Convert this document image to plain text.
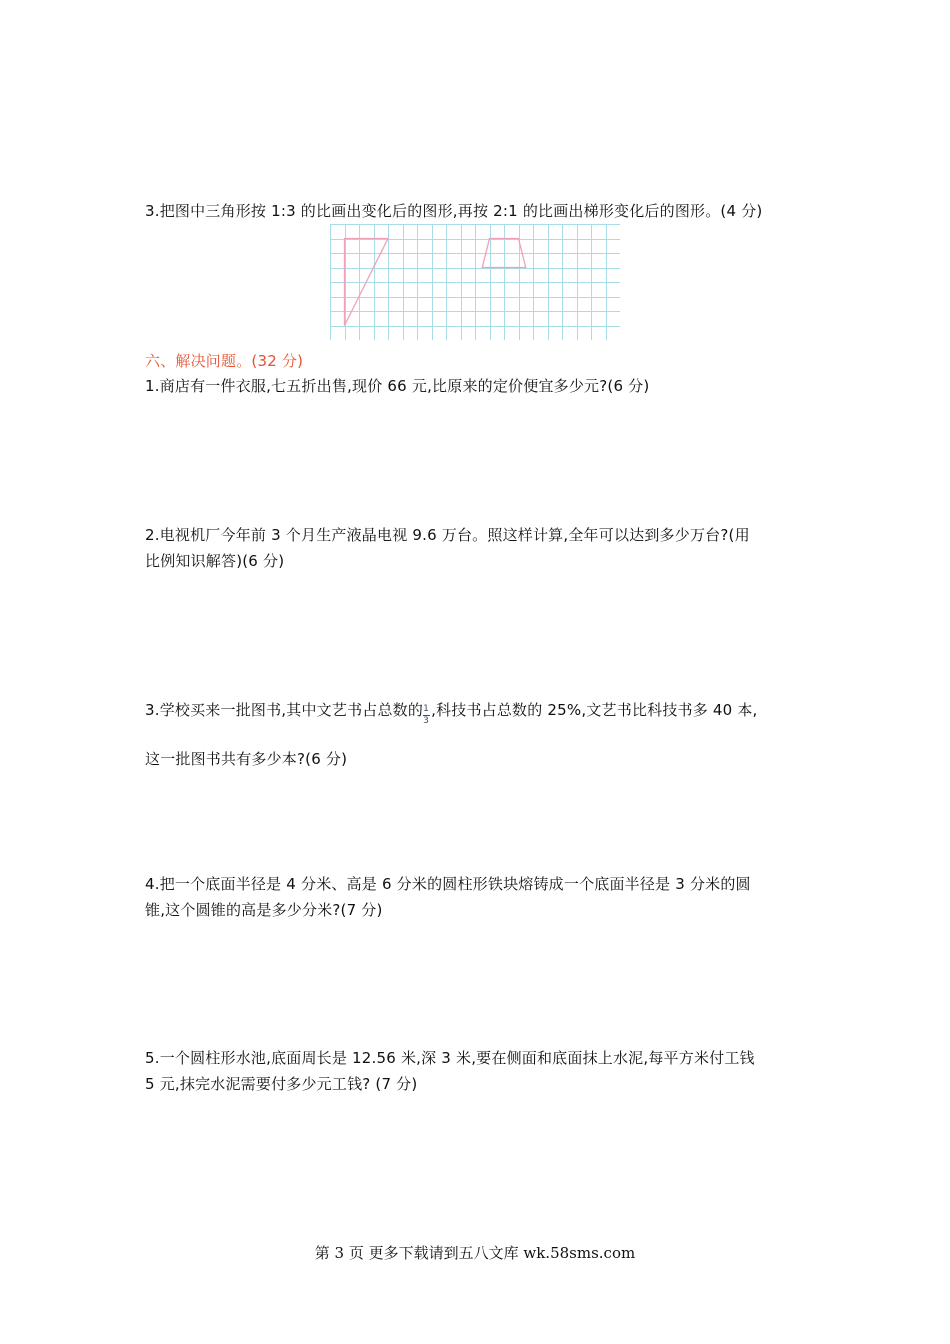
3.把图中三角形按 1:3 的比画出变化后的图形,再按 2:1 的比画出梯形变化后的图形。(4 分)
六、解决问题。(32 分)
1.商店有一件衣服,七五折出售,现价 66 元,比原来的定价便宜多少元?(6 分)
2.电视机厂今年前 3 个月生产液晶电视 9.6 万台。照这样计算,全年可以达到多少万台?(用
比例知识解答)(6 分)
3.学校买来一批图书,其中文艺书占总数的 $\frac{1}{3}$ ,科技书占总数的 25%,文艺书比科技书多 40 本,
这一批图书共有多少本?(6 分)
4.把一个底面半径是 4 分米、高是 6 分米的圆柱形铁块熔铸成一个底面半径是 3 分米的圆
锥,这个圆锥的高是多少分米?(7 分)
5.一个圆柱形水池,底面周长是 12.56 米,深 3 米,要在侧面和底面抹上水泥,每平方米付工钱
5 元,抹完水泥需要付多少元工钱? (7 分)
第 3 页 更多下载请到五八文库 wk.58sms.com
